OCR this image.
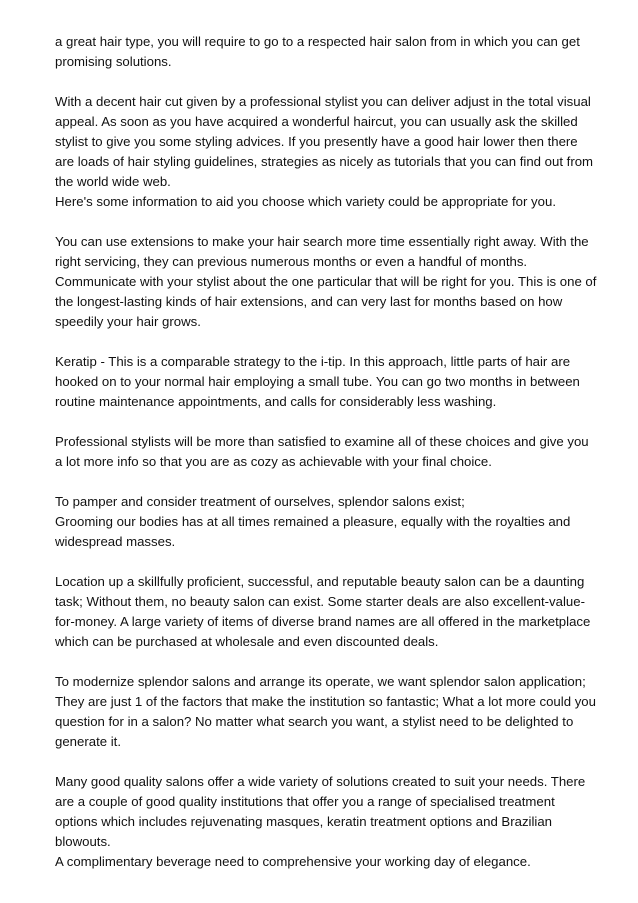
a great hair type, you will require to go to a respected hair salon from in which you can get
promising solutions.

With a decent hair cut given by a professional stylist you can deliver adjust in the total visual
appeal. As soon as you have acquired a wonderful haircut, you can usually ask the skilled
stylist to give you some styling advices. If you presently have a good hair lower then there
are loads of hair styling guidelines, strategies as nicely as tutorials that you can find out from
the world wide web.
Here's some information to aid you choose which variety could be appropriate for you.

You can use extensions to make your hair search more time essentially right away. With the
right servicing, they can previous numerous months or even a handful of months.
Communicate with your stylist about the one particular that will be right for you. This is one of
the longest-lasting kinds of hair extensions, and can very last for months based on how
speedily your hair grows.

Keratip - This is a comparable strategy to the i-tip. In this approach, little parts of hair are
hooked on to your normal hair employing a small tube. You can go two months in between
routine maintenance appointments, and calls for considerably less washing.

Professional stylists will be more than satisfied to examine all of these choices and give you
a lot more info so that you are as cozy as achievable with your final choice.

To pamper and consider treatment of ourselves, splendor salons exist;
Grooming our bodies has at all times remained a pleasure, equally with the royalties and
widespread masses.

Location up a skillfully proficient, successful, and reputable beauty salon can be a daunting
task; Without them, no beauty salon can exist. Some starter deals are also excellent-value-
for-money. A large variety of items of diverse brand names are all offered in the marketplace
which can be purchased at wholesale and even discounted deals.

To modernize splendor salons and arrange its operate, we want splendor salon application;
They are just 1 of the factors that make the institution so fantastic; What a lot more could you
question for in a salon? No matter what search you want, a stylist need to be delighted to
generate it.

Many good quality salons offer a wide variety of solutions created to suit your needs. There
are a couple of good quality institutions that offer you a range of specialised treatment
options which includes rejuvenating masques, keratin treatment options and Brazilian
blowouts.
A complimentary beverage need to comprehensive your working day of elegance.
